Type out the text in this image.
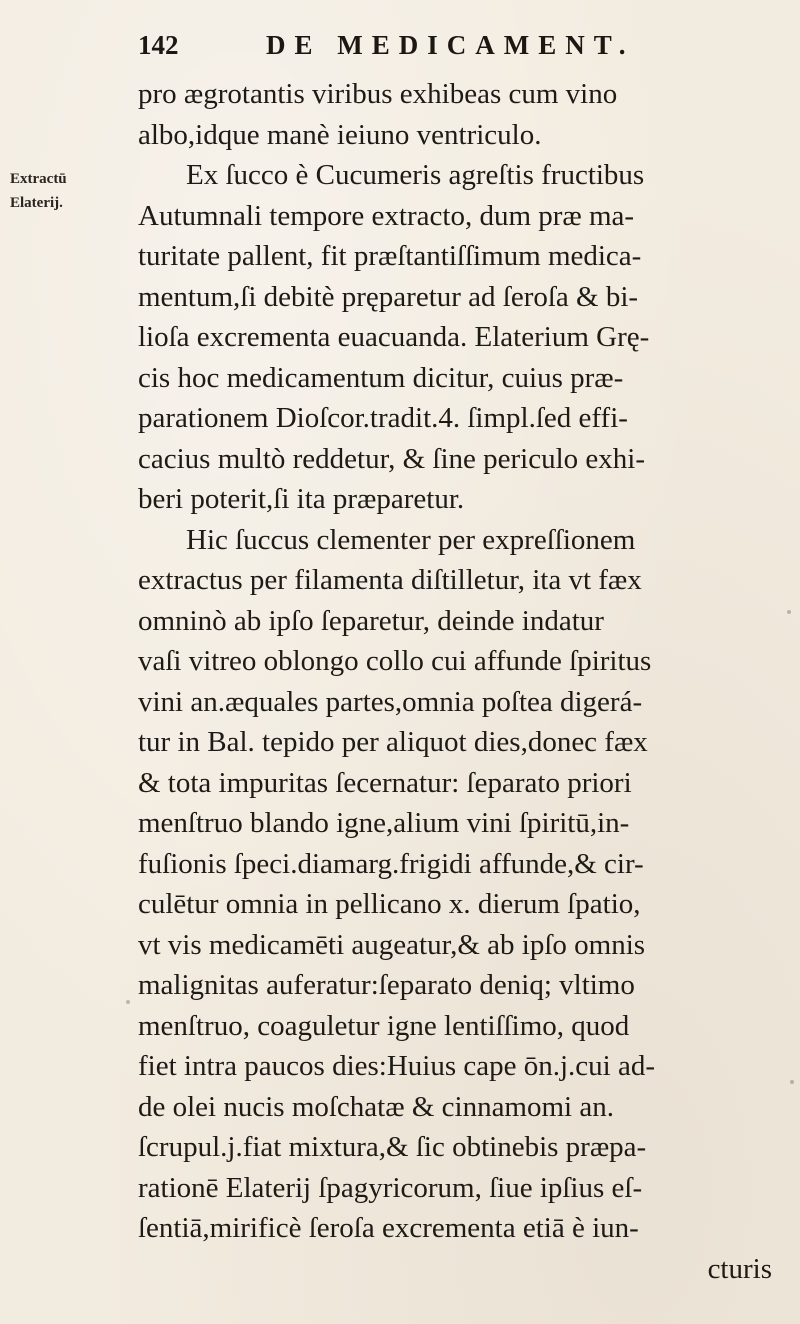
142	DE MEDICAMENT.
Extractū
Elaterij.
pro ægrotantis viribus exhibeas cum vino
albo,idque manè ieiuno ventriculo.
Ex ſucco è Cucumeris agreſtis fructibus
Autumnali tempore extracto, dum præ ma-
turitate pallent, fit præſtantiſſimum medica-
mentum,ſi debitè pręparetur ad ſeroſa & bi-
lioſa excrementa euacuanda. Elaterium Grę-
cis hoc medicamentum dicitur, cuius præ-
parationem Dioſcor.tradit.4. ſimpl.ſed effi-
cacius multò reddetur, & ſine periculo exhi-
beri poterit,ſi ita præparetur.
Hic ſuccus clementer per expreſſionem
extractus per filamenta diſtilletur, ita vt fæx
omninò ab ipſo ſeparetur, deinde indatur
vaſi vitreo oblongo collo cui affunde ſpiritus
vini an.æquales partes,omnia poſtea digerá-
tur in Bal. tepido per aliquot dies,donec fæx
& tota impuritas ſecernatur: ſeparato priori
menſtruo blando igne,alium vini ſpiritū,in-
fuſionis ſpeci.diamarg.frigidi affunde,& cir-
culētur omnia in pellicano x. dierum ſpatio,
vt vis medicamēti augeatur,& ab ipſo omnis
malignitas auferatur:ſeparato deniq; vltimo
menſtruo, coaguletur igne lentiſſimo, quod
fiet intra paucos dies:Huius cape ōn.j.cui ad-
de olei nucis moſchatæ & cinnamomi an.
ſcrupul.j.fiat mixtura,& ſic obtinebis præpa-
rationē Elaterij ſpagyricorum, ſiue ipſius eſ-
ſentiā,mirificè ſeroſa excrementa etiā è iun-
cturis
